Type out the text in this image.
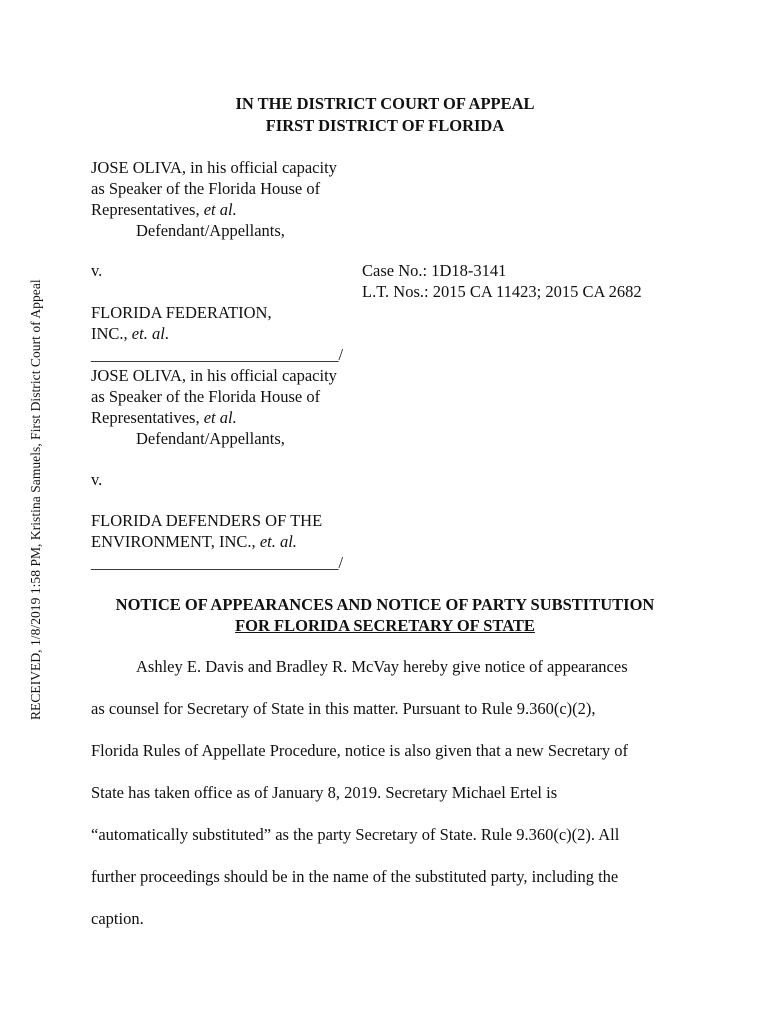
RECEIVED, 1/8/2019 1:58 PM, Kristina Samuels, First District Court of Appeal
IN THE DISTRICT COURT OF APPEAL
FIRST DISTRICT OF FLORIDA
JOSE OLIVA, in his official capacity
as Speaker of the Florida House of
Representatives, et al.
Defendant/Appellants,
v.	Case No.: 1D18-3141
L.T. Nos.: 2015 CA 11423; 2015 CA 2682
FLORIDA FEDERATION,
INC., et. al.
______________________________/
JOSE OLIVA, in his official capacity
as Speaker of the Florida House of
Representatives, et al.
Defendant/Appellants,
v.
FLORIDA DEFENDERS OF THE
ENVIRONMENT, INC., et. al.
______________________________/
NOTICE OF APPEARANCES AND NOTICE OF PARTY SUBSTITUTION
FOR FLORIDA SECRETARY OF STATE
Ashley E. Davis and Bradley R. McVay hereby give notice of appearances
as counsel for Secretary of State in this matter. Pursuant to Rule 9.360(c)(2),
Florida Rules of Appellate Procedure, notice is also given that a new Secretary of
State has taken office as of January 8, 2019. Secretary Michael Ertel is
“automatically substituted” as the party Secretary of State. Rule 9.360(c)(2). All
further proceedings should be in the name of the substituted party, including the
caption.
